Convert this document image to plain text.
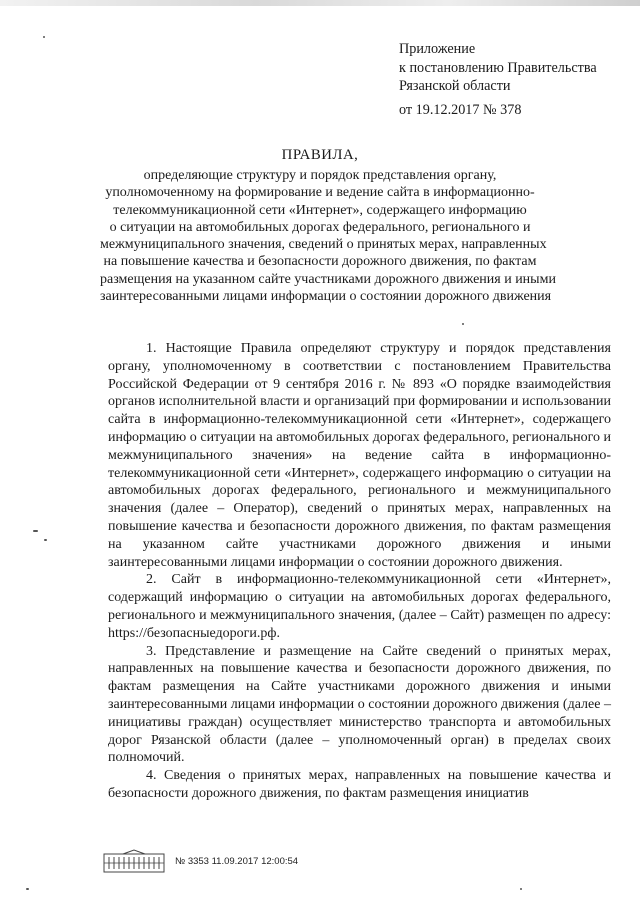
Приложение
к постановлению Правительства
Рязанской области
от 19.12.2017 № 378
ПРАВИЛА,
определяющие структуру и порядок представления органу,
уполномоченному на формирование и ведение сайта в информационно-
телекоммуникационной сети «Интернет», содержащего информацию
о ситуации на автомобильных дорогах федерального, регионального и
межмуниципального значения, сведений о принятых мерах, направленных
на повышение качества и безопасности дорожного движения, по фактам
размещения на указанном сайте участниками дорожного движения и иными
заинтересованными лицами информации о состоянии дорожного движения

1. Настоящие Правила определяют структуру и порядок представления органу, уполномоченному в соответствии с постановлением Правительства Российской Федерации от 9 сентября 2016 г. № 893 «О порядке взаимодействия органов исполнительной власти и организаций при формировании и использовании сайта в информационно-телекоммуникационной сети «Интернет», содержащего информацию о ситуации на автомобильных дорогах федерального, регионального и межмуниципального значения» на ведение сайта в информационно-телекоммуникационной сети «Интернет», содержащего информацию о ситуации на автомобильных дорогах федерального, регионального и межмуниципального значения (далее – Оператор), сведений о принятых мерах, направленных на повышение качества и безопасности дорожного движения, по фактам размещения на указанном сайте участниками дорожного движения и иными заинтересованными лицами информации о состоянии дорожного движения.

2. Сайт в информационно-телекоммуникационной сети «Интернет», содержащий информацию о ситуации на автомобильных дорогах федерального, регионального и межмуниципального значения, (далее – Сайт) размещен по адресу: https://безопасныедороги.рф.

3. Представление и размещение на Сайте сведений о принятых мерах, направленных на повышение качества и безопасности дорожного движения, по фактам размещения на Сайте участниками дорожного движения и иными заинтересованными лицами информации о состоянии дорожного движения (далее – инициативы граждан) осуществляет министерство транспорта и автомобильных дорог Рязанской области (далее – уполномоченный орган) в пределах своих полномочий.

4. Сведения о принятых мерах, направленных на повышение качества и безопасности дорожного движения, по фактам размещения инициатив

№ 3353 11.09.2017 12:00:54
